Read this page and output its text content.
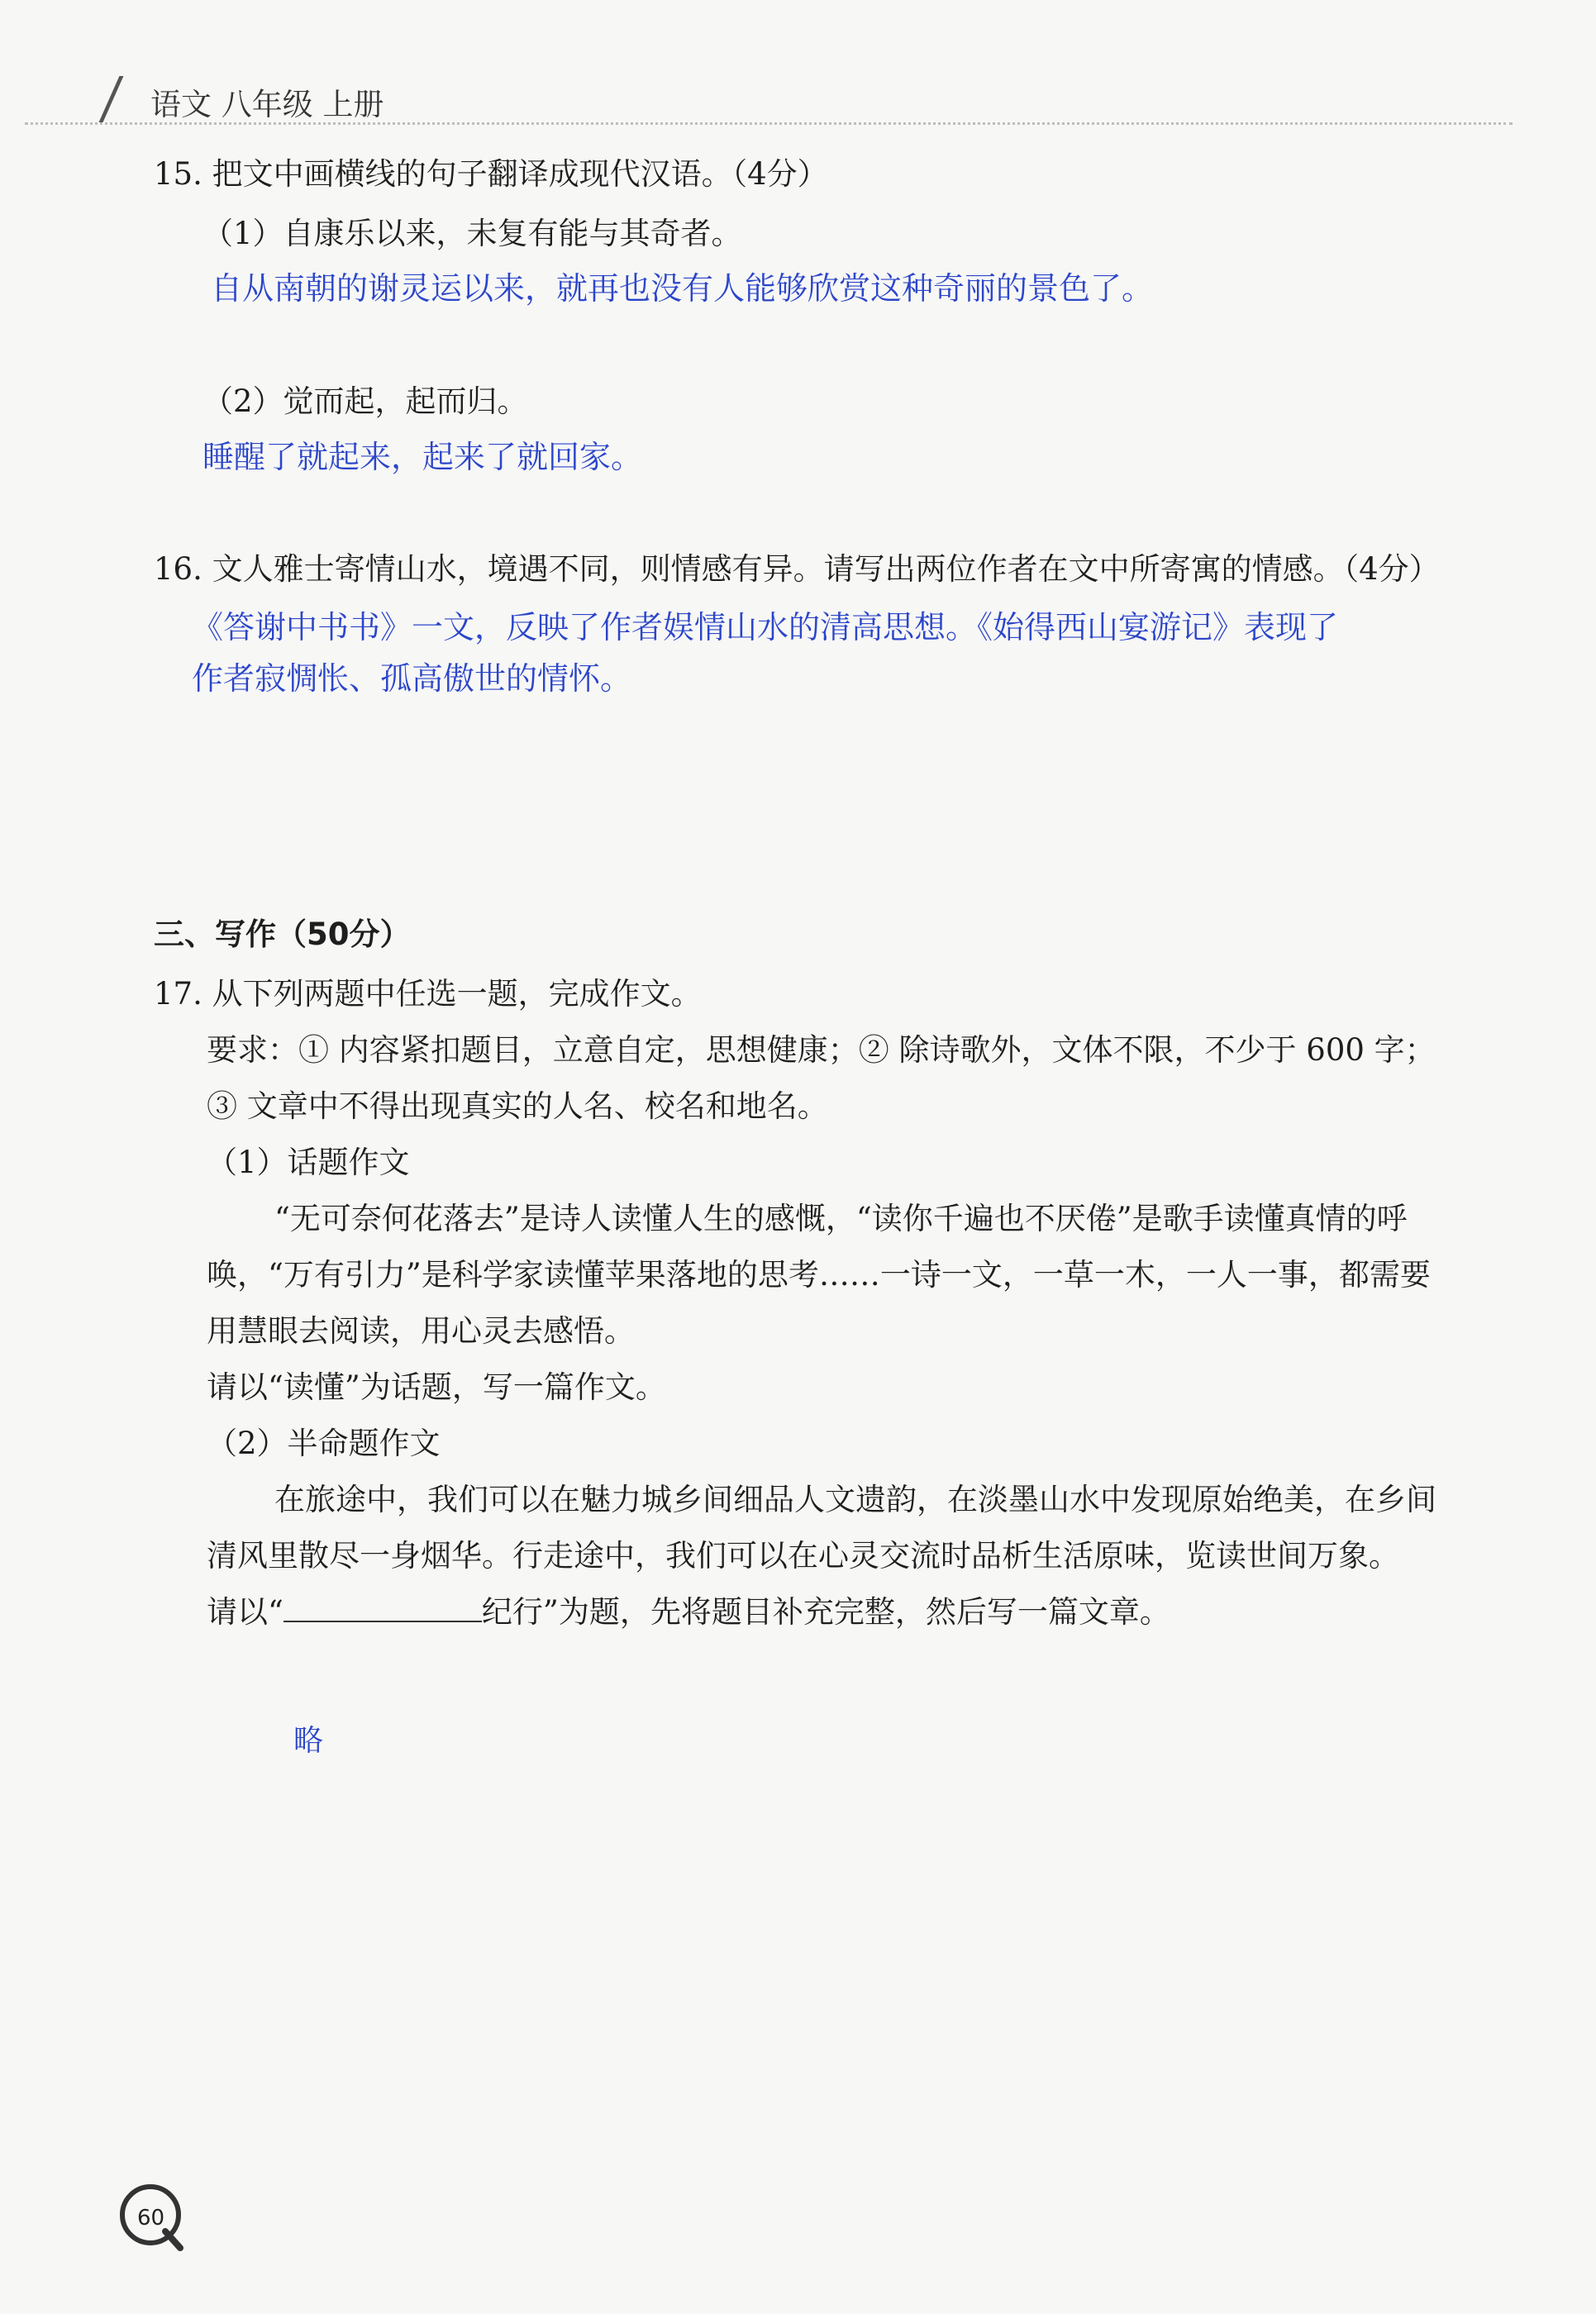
语文 八年级 上册
15. 把文中画横线的句子翻译成现代汉语。（4分）
（1）自康乐以来，未复有能与其奇者。
自从南朝的谢灵运以来，就再也没有人能够欣赏这种奇丽的景色了。
（2）觉而起，起而归。
睡醒了就起来，起来了就回家。
16. 文人雅士寄情山水，境遇不同，则情感有异。请写出两位作者在文中所寄寓的情感。（4分）
《答谢中书书》一文，反映了作者娱情山水的清高思想。《始得西山宴游记》表现了
作者寂惆怅、孤高傲世的情怀。
三、写作（50分）
17. 从下列两题中任选一题，完成作文。
要求：① 内容紧扣题目，立意自定，思想健康；② 除诗歌外，文体不限，不少于 600 字；
③ 文章中不得出现真实的人名、校名和地名。
（1）话题作文
“无可奈何花落去”是诗人读懂人生的感慨，“读你千遍也不厌倦”是歌手读懂真情的呼
唤，“万有引力”是科学家读懂苹果落地的思考……一诗一文，一草一木，一人一事，都需要
用慧眼去阅读，用心灵去感悟。
请以“读懂”为话题，写一篇作文。
（2）半命题作文
在旅途中，我们可以在魅力城乡间细品人文遗韵，在淡墨山水中发现原始绝美，在乡间
清风里散尽一身烟华。行走途中，我们可以在心灵交流时品析生活原味，览读世间万象。
请以“	纪行”为题，先将题目补充完整，然后写一篇文章。
略
60
